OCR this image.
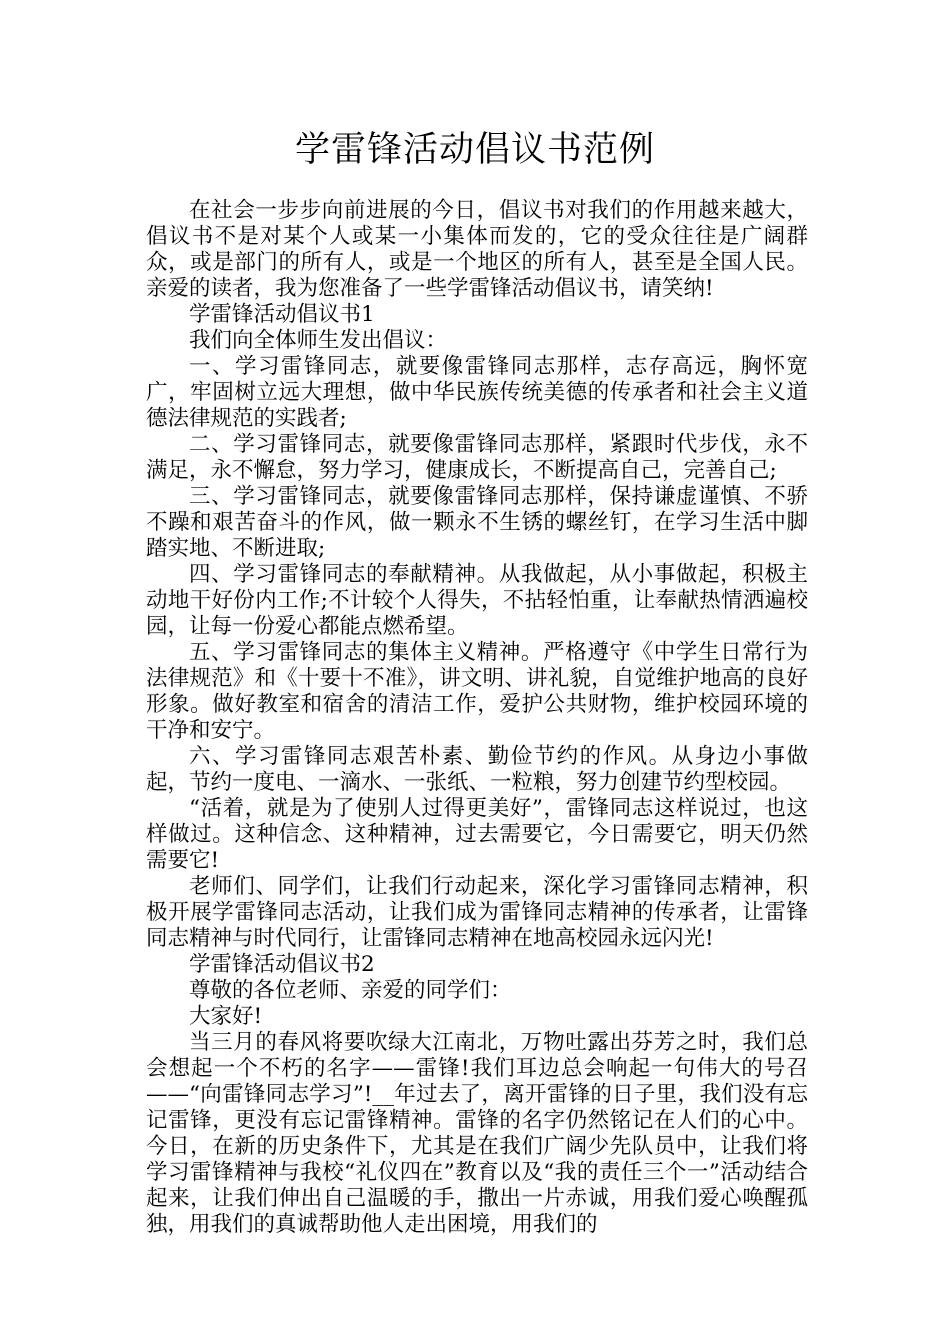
学雷锋活动倡议书范例

在社会一步步向前进展的今日，倡议书对我们的作用越来越大，倡议书不是对某个人或某一小集体而发的，它的受众往往是广阔群众，或是部门的所有人，或是一个地区的所有人，甚至是全国人民。亲爱的读者，我为您准备了一些学雷锋活动倡议书，请笑纳!

学雷锋活动倡议书1

我们向全体师生发出倡议：

一、学习雷锋同志，就要像雷锋同志那样，志存高远，胸怀宽广，牢固树立远大理想，做中华民族传统美德的传承者和社会主义道德法律规范的实践者;

二、学习雷锋同志，就要像雷锋同志那样，紧跟时代步伐，永不满足，永不懈怠，努力学习，健康成长，不断提高自己，完善自己;

三、学习雷锋同志，就要像雷锋同志那样，保持谦虚谨慎、不骄不躁和艰苦奋斗的作风，做一颗永不生锈的螺丝钉，在学习生活中脚踏实地、不断进取;

四、学习雷锋同志的奉献精神。从我做起，从小事做起，积极主动地干好份内工作;不计较个人得失，不拈轻怕重，让奉献热情洒遍校园，让每一份爱心都能点燃希望。

五、学习雷锋同志的集体主义精神。严格遵守《中学生日常行为法律规范》和《十要十不准》，讲文明、讲礼貌，自觉维护地高的良好形象。做好教室和宿舍的清洁工作，爱护公共财物，维护校园环境的干净和安宁。

六、学习雷锋同志艰苦朴素、勤俭节约的作风。从身边小事做起，节约一度电、一滴水、一张纸、一粒粮，努力创建节约型校园。

“活着，就是为了使别人过得更美好”，雷锋同志这样说过，也这样做过。这种信念、这种精神，过去需要它，今日需要它，明天仍然需要它!

老师们、同学们，让我们行动起来，深化学习雷锋同志精神，积极开展学雷锋同志活动，让我们成为雷锋同志精神的传承者，让雷锋同志精神与时代同行，让雷锋同志精神在地高校园永远闪光!

学雷锋活动倡议书2

尊敬的各位老师、亲爱的同学们：

大家好!

当三月的春风将要吹绿大江南北，万物吐露出芬芳之时，我们总会想起一个不朽的名字——雷锋!我们耳边总会响起一句伟大的号召——“向雷锋同志学习”!__年过去了，离开雷锋的日子里，我们没有忘记雷锋，更没有忘记雷锋精神。雷锋的名字仍然铭记在人们的心中。今日，在新的历史条件下，尤其是在我们广阔少先队员中，让我们将学习雷锋精神与我校“礼仪四在”教育以及“我的责任三个一”活动结合起来，让我们伸出自己温暖的手，撒出一片赤诚，用我们爱心唤醒孤独，用我们的真诚帮助他人走出困境，用我们的
